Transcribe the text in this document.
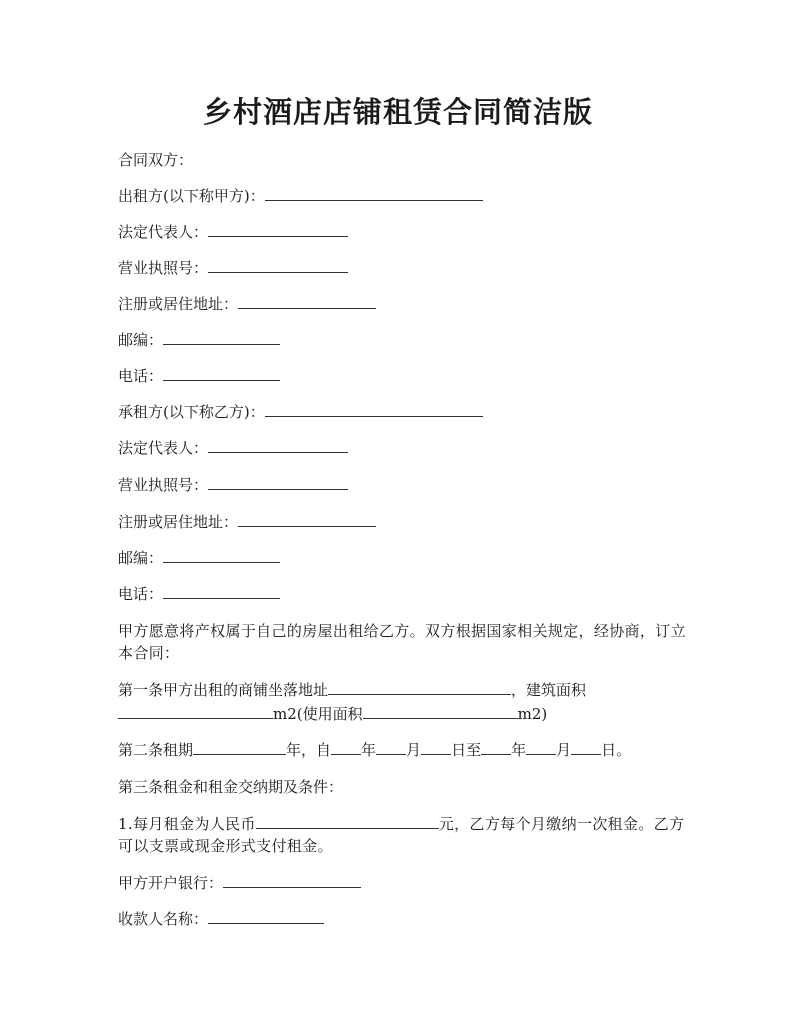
乡村酒店店铺租赁合同简洁版
合同双方：
出租方(以下称甲方)：
法定代表人：
营业执照号：
注册或居住地址：
邮编：
电话：
承租方(以下称乙方)：
法定代表人：
营业执照号：
注册或居住地址：
邮编：
电话：
甲方愿意将产权属于自己的房屋出租给乙方。双方根据国家相关规定，经协商，订立本合同：
第一条甲方出租的商铺坐落地址	，建筑面积
m2(使用面积	m2)
第二条租期	年，自 年 月 日至 年 月 日。
第三条租金和租金交纳期及条件：
1.每月租金为人民币	元，乙方每个月缴纳一次租金。乙方可以支票或现金形式支付租金。
甲方开户银行：
收款人名称：
